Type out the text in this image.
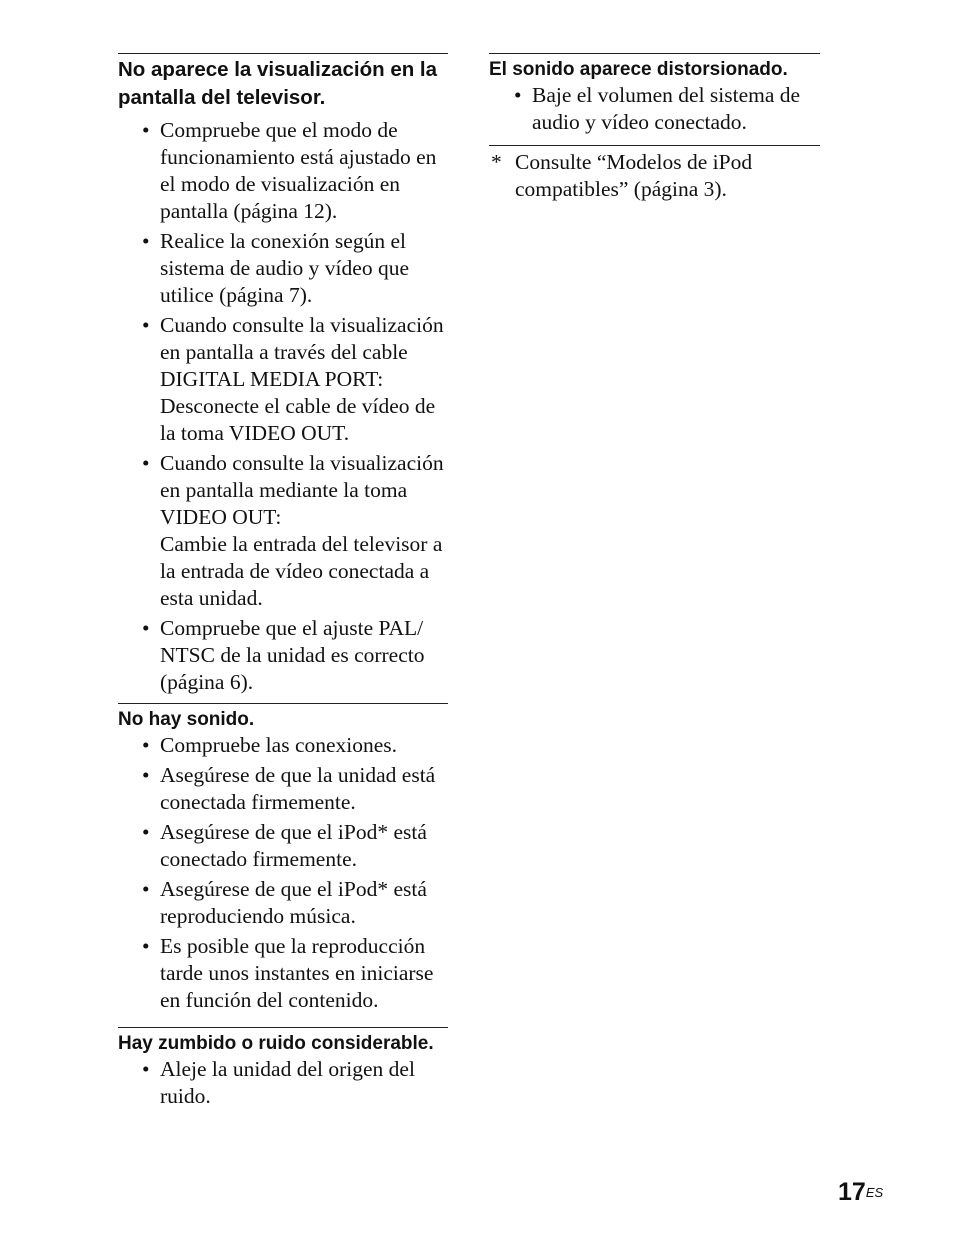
No aparece la visualización en la pantalla del televisor.
• Compruebe que el modo de funcionamiento está ajustado en el modo de visualización en pantalla (página 12).
• Realice la conexión según el sistema de audio y vídeo que utilice (página 7).
• Cuando consulte la visualización en pantalla a través del cable DIGITAL MEDIA PORT:
Desconecte el cable de vídeo de la toma VIDEO OUT.
• Cuando consulte la visualización en pantalla mediante la toma VIDEO OUT:
Cambie la entrada del televisor a la entrada de vídeo conectada a esta unidad.
• Compruebe que el ajuste PAL/
NTSC de la unidad es correcto (página 6).
No hay sonido.
• Compruebe las conexiones.
• Asegúrese de que la unidad está conectada firmemente.
• Asegúrese de que el iPod* está conectado firmemente.
• Asegúrese de que el iPod* está reproduciendo música.
• Es posible que la reproducción tarde unos instantes en iniciarse en función del contenido.
Hay zumbido o ruido considerable.
• Aleje la unidad del origen del ruido.
El sonido aparece distorsionado.
• Baje el volumen del sistema de audio y vídeo conectado.
* Consulte “Modelos de iPod compatibles” (página 3).
$17^{ES}$
